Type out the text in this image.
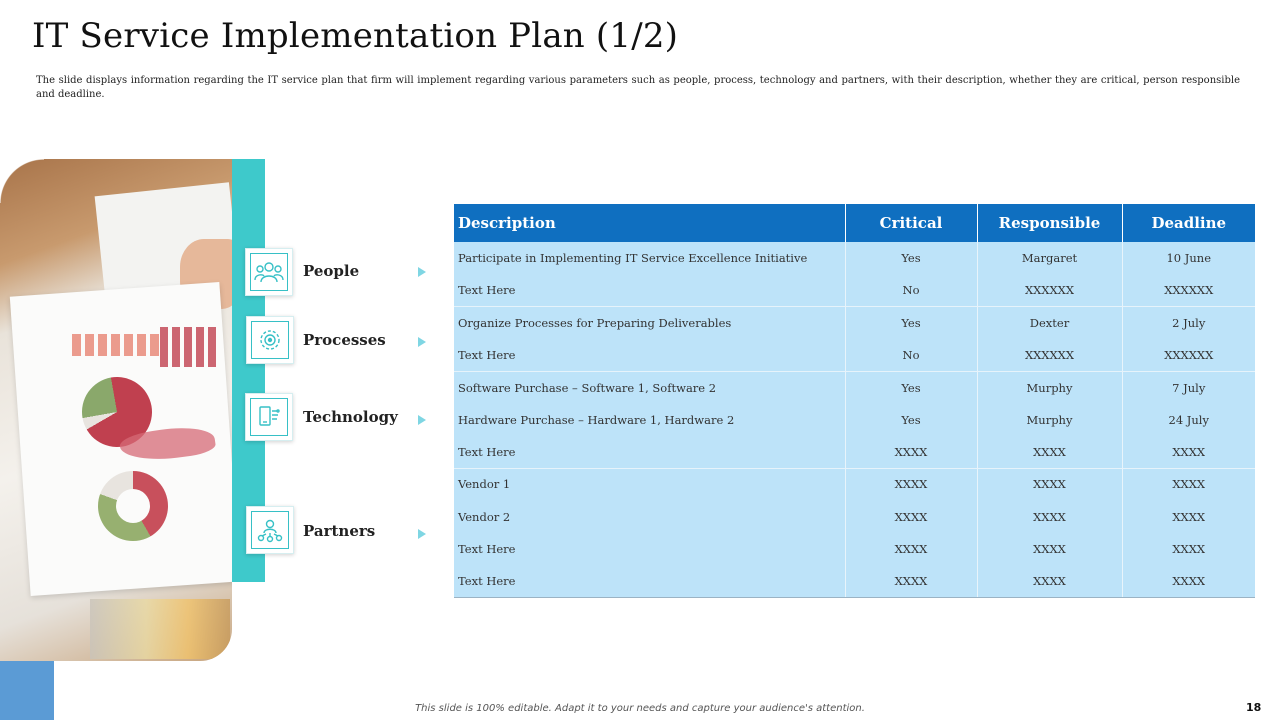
IT Service Implementation Plan (1/2)
The slide displays information regarding the IT service plan that firm will implement regarding various parameters such as people, process, technology and partners, with their description, whether they are critical, person responsible and deadline.
People
Processes
Technology
Partners
Description	Critical	Responsible	Deadline
Participate in Implementing IT Service Excellence Initiative	Yes	Margaret	10 June
Text Here	No	XXXXXX	XXXXXX
Organize Processes for Preparing Deliverables	Yes	Dexter	2 July
Text Here	No	XXXXXX	XXXXXX
Software Purchase – Software 1, Software 2	Yes	Murphy	7 July
Hardware Purchase – Hardware 1, Hardware 2	Yes	Murphy	24 July
Text Here	XXXX	XXXX	XXXX
Vendor 1	XXXX	XXXX	XXXX
Vendor 2	XXXX	XXXX	XXXX
Text Here	XXXX	XXXX	XXXX
Text Here	XXXX	XXXX	XXXX
This slide is 100% editable. Adapt it to your needs and capture your audience's attention.	18
